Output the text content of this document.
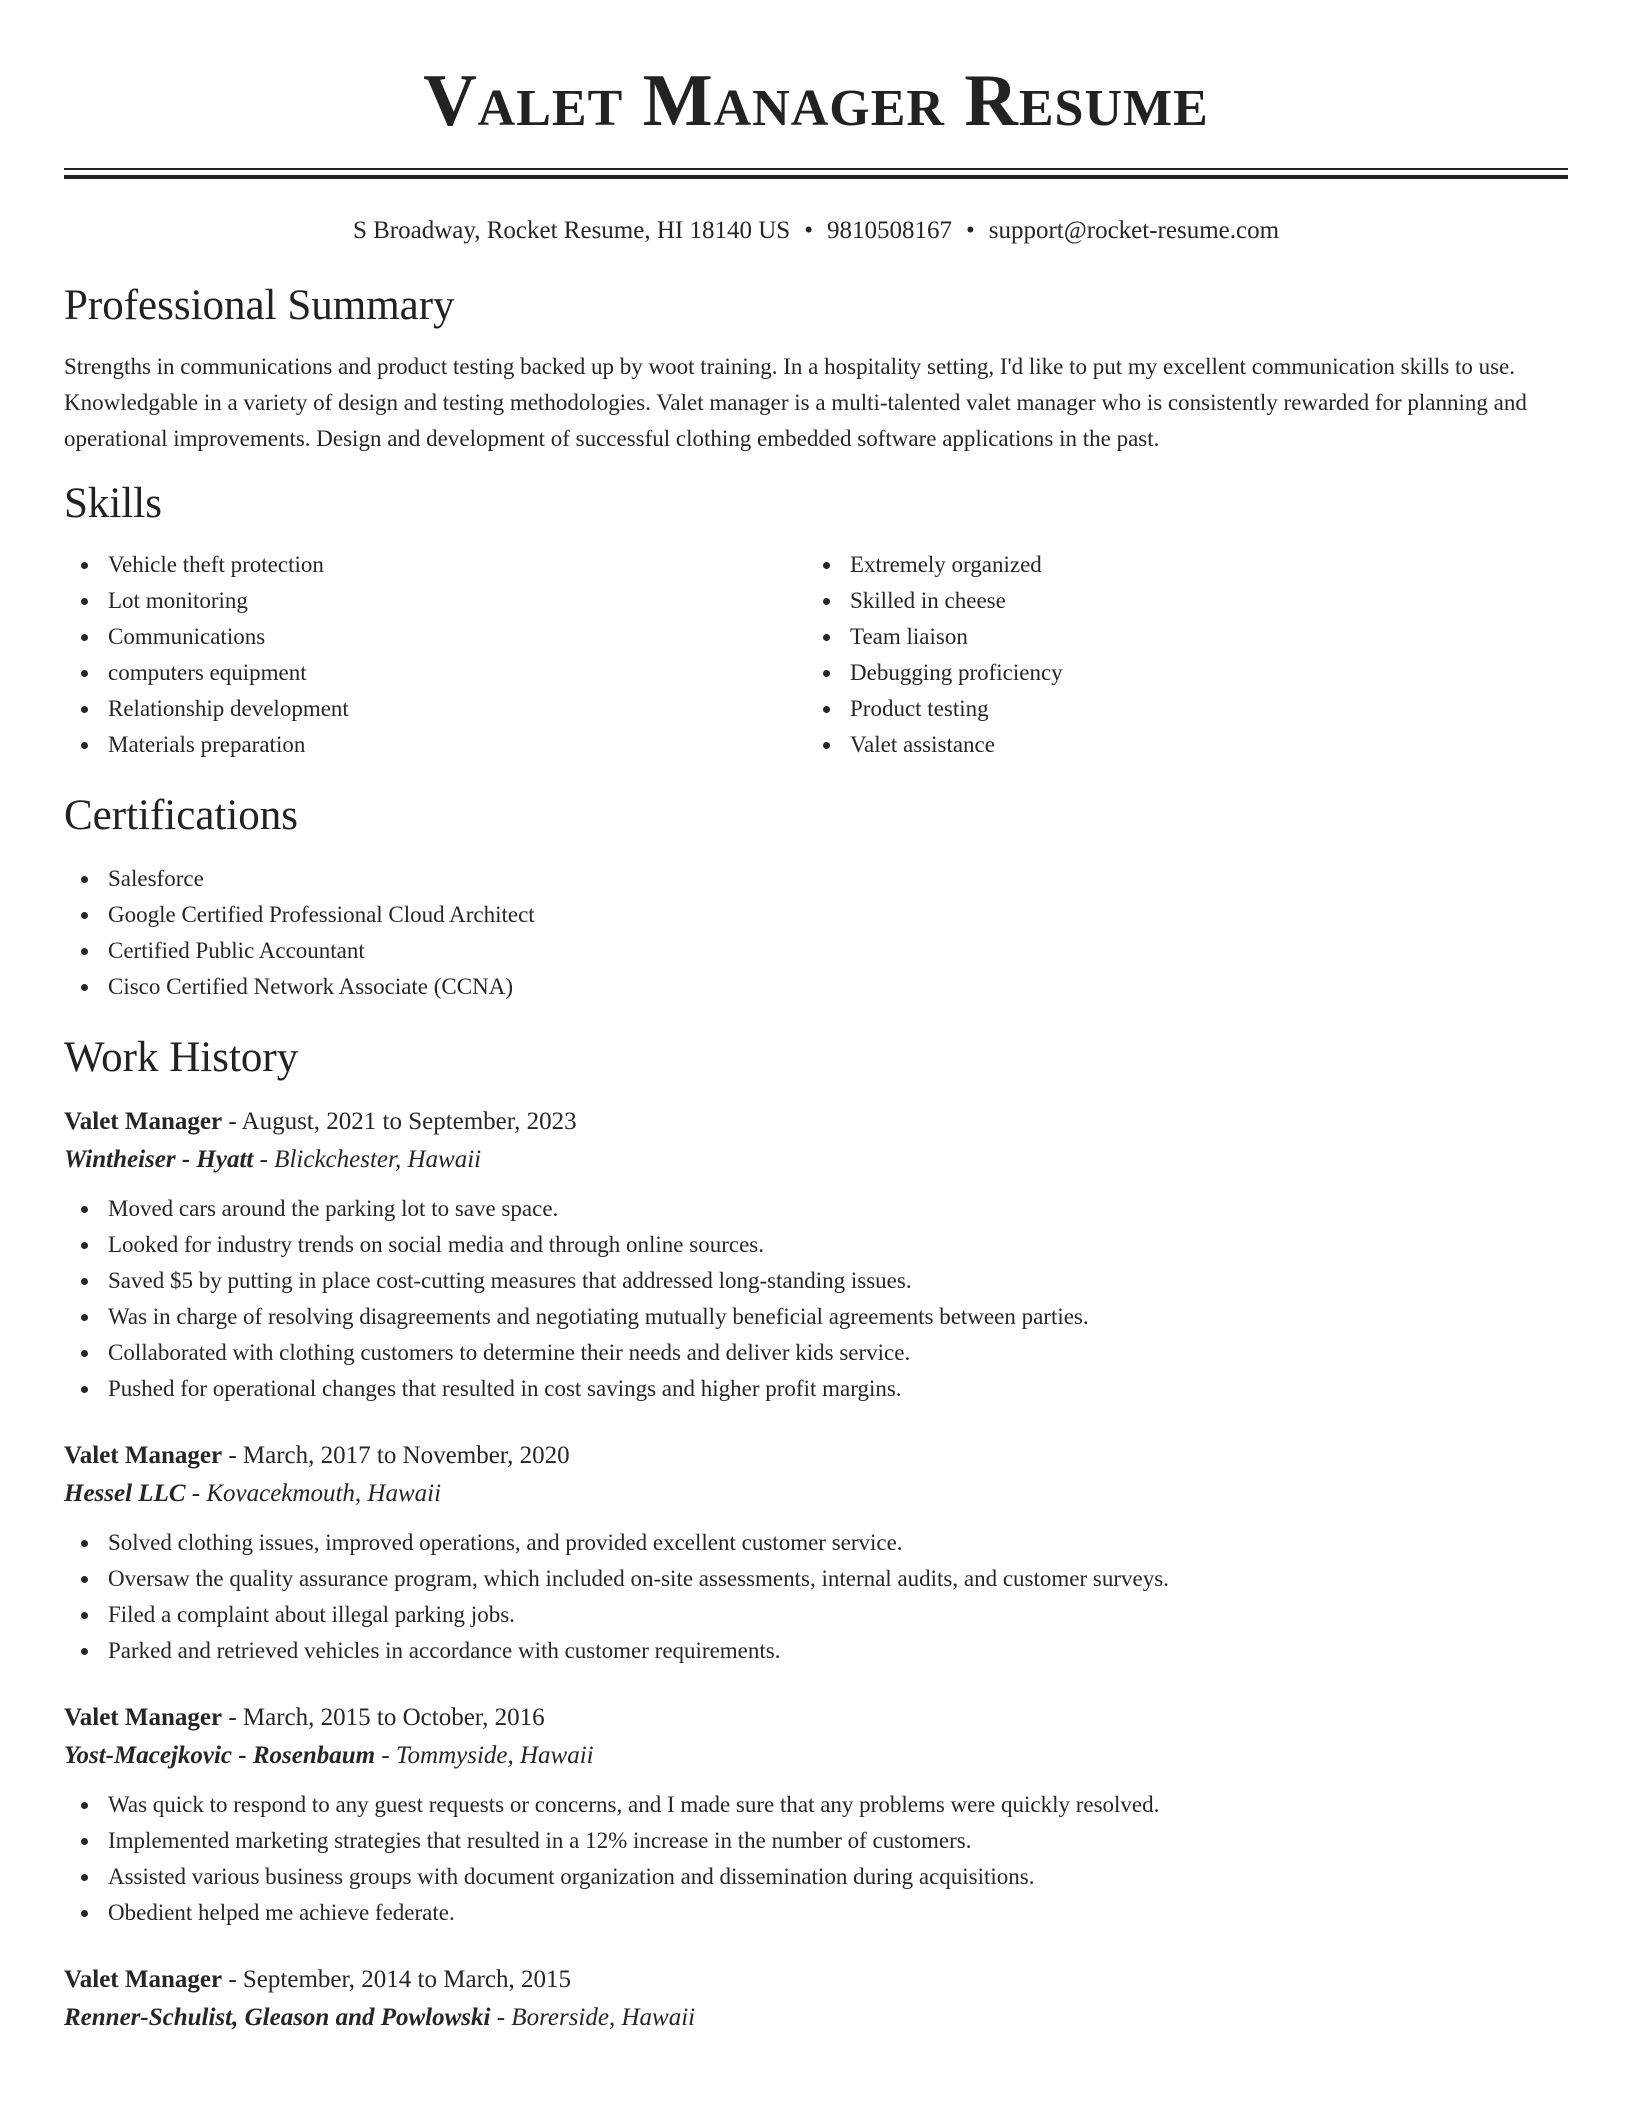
Valet Manager Resume
S Broadway, Rocket Resume, HI 18140 US • 9810508167 • support@rocket-resume.com
Professional Summary

Strengths in communications and product testing backed up by woot training. In a hospitality setting, I'd like to put my excellent communication skills to use. Knowledgable in a variety of design and testing methodologies. Valet manager is a multi-talented valet manager who is consistently rewarded for planning and operational improvements. Design and development of successful clothing embedded software applications in the past.

Skills
Vehicle theft protection
Lot monitoring
Communications
computers equipment
Relationship development
Materials preparation
Extremely organized
Skilled in cheese
Team liaison
Debugging proficiency
Product testing
Valet assistance
Certifications
Salesforce
Google Certified Professional Cloud Architect
Certified Public Accountant
Cisco Certified Network Associate (CCNA)
Work History
Valet Manager - August, 2021 to September, 2023
Wintheiser - Hyatt - Blickchester, Hawaii
Moved cars around the parking lot to save space.
Looked for industry trends on social media and through online sources.
Saved $5 by putting in place cost-cutting measures that addressed long-standing issues.
Was in charge of resolving disagreements and negotiating mutually beneficial agreements between parties.
Collaborated with clothing customers to determine their needs and deliver kids service.
Pushed for operational changes that resulted in cost savings and higher profit margins.
Valet Manager - March, 2017 to November, 2020
Hessel LLC - Kovacekmouth, Hawaii
Solved clothing issues, improved operations, and provided excellent customer service.
Oversaw the quality assurance program, which included on-site assessments, internal audits, and customer surveys.
Filed a complaint about illegal parking jobs.
Parked and retrieved vehicles in accordance with customer requirements.
Valet Manager - March, 2015 to October, 2016
Yost-Macejkovic - Rosenbaum - Tommyside, Hawaii
Was quick to respond to any guest requests or concerns, and I made sure that any problems were quickly resolved.
Implemented marketing strategies that resulted in a 12% increase in the number of customers.
Assisted various business groups with document organization and dissemination during acquisitions.
Obedient helped me achieve federate.
Valet Manager - September, 2014 to March, 2015
Renner-Schulist, Gleason and Powlowski - Borerside, Hawaii
